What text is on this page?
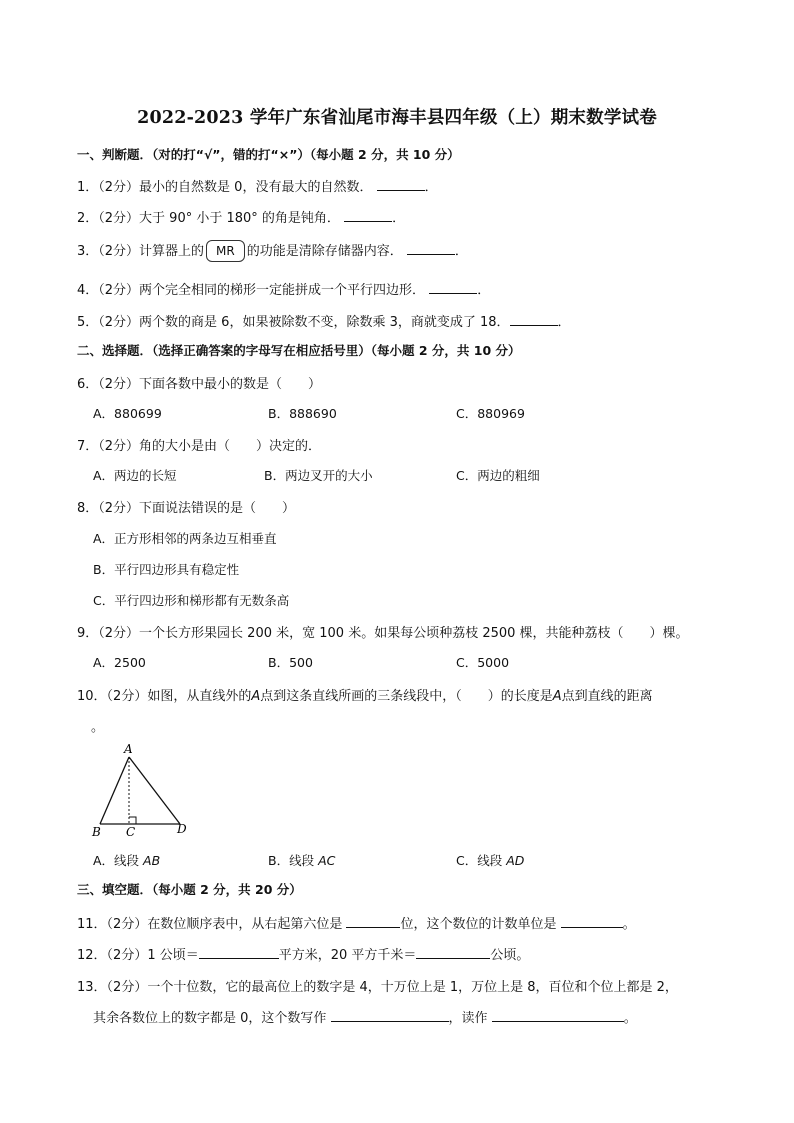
2022-2023 学年广东省汕尾市海丰县四年级（上）期末数学试卷
一、判断题．（对的打“√”，错的打“×”）（每小题 2 分，共 10 分）
1．（2分）最小的自然数是 0，没有最大的自然数．	．
2．（2分）大于 90° 小于 180° 的角是钝角．	．
3．（2分）计算器上的 MR 的功能是清除存储器内容．	．
4．（2分）两个完全相同的梯形一定能拼成一个平行四边形．	．
5．（2分）两个数的商是 6，如果被除数不变，除数乘 3，商就变成了 18．	．
二、选择题．（选择正确答案的字母写在相应括号里）（每小题 2 分，共 10 分）
6．（2分）下面各数中最小的数是（　　）
A．880699	B．888690	C．880969
7．（2分）角的大小是由（　　）决定的．
A．两边的长短	B．两边叉开的大小	C．两边的粗细
8．（2分）下面说法错误的是（　　）
A．正方形相邻的两条边互相垂直
B．平行四边形具有稳定性
C．平行四边形和梯形都有无数条高
9．（2分）一个长方形果园长 200 米，宽 100 米。如果每公顷种荔枝 2500 棵，共能种荔枝（　　）棵。
A．2500	B．500	C．5000
10．（2分）如图，从直线外的A点到这条直线所画的三条线段中，（　　）的长度是A点到直线的距离
。
A
B C	D
A．线段 AB	B．线段 AC	C．线段 AD
三、填空题．（每小题 2 分，共 20 分）
11．（2分）在数位顺序表中，从右起第六位是	位，这个数位的计数单位是	。
12．（2分）1 公顷＝	平方米，20 平方千米＝	公顷。
13．（2分）一个十位数，它的最高位上的数字是 4，十万位上是 1，万位上是 8，百位和个位上都是 2，
其余各数位上的数字都是 0，这个数写作	，读作	。
